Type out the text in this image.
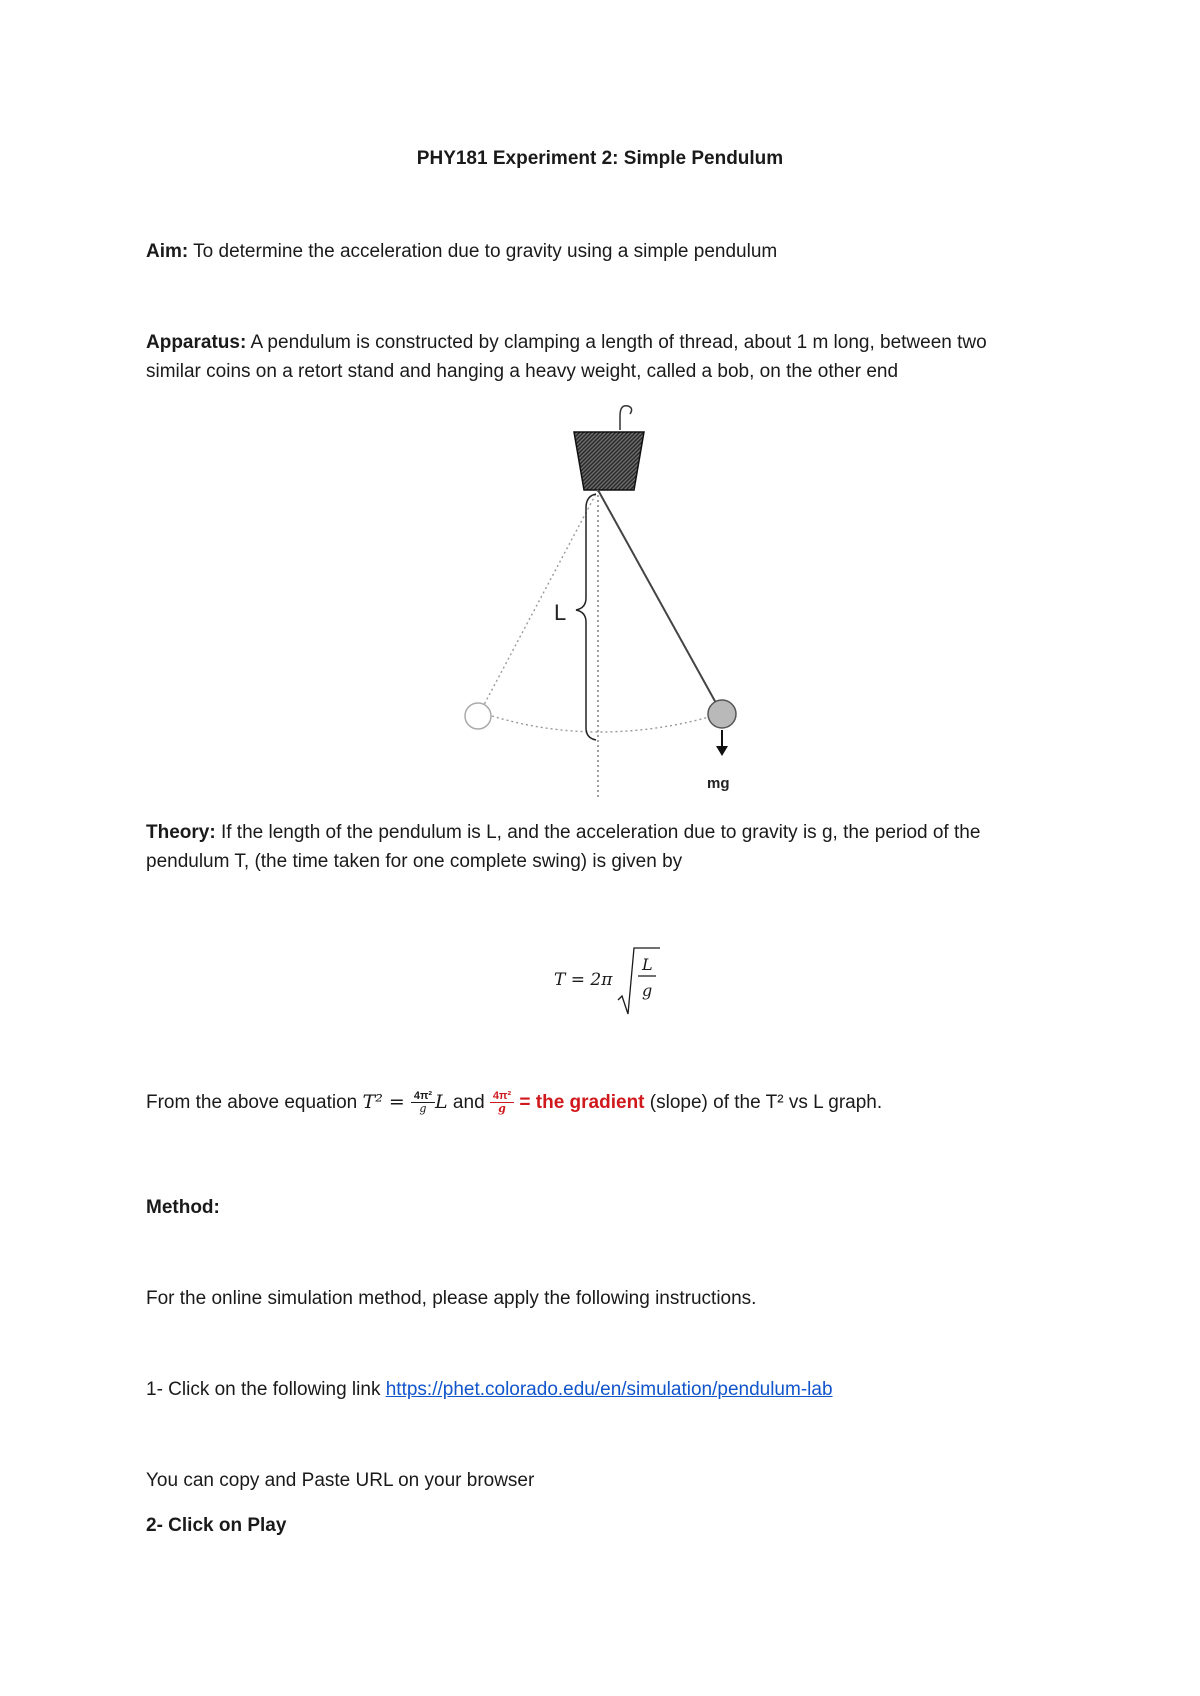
PHY181 Experiment 2: Simple Pendulum
Aim: To determine the acceleration due to gravity using a simple pendulum
Apparatus: A pendulum is constructed by clamping a length of thread, about 1 m long, between two
similar coins on a retort stand and hanging a heavy weight, called a bob, on the other end
L
mg
Theory: If the length of the pendulum is L, and the acceleration due to gravity is g, the period of the
pendulum T, (the time taken for one complete swing) is given by
T = 2π
L
g
From the above equation $T^2 = \frac{\text{4π²}}{g}$ L and $\frac{\text{4π²}}{g}$ = the gradient (slope) of the T² vs L graph.
Method:
For the online simulation method, please apply the following instructions.
1- Click on the following link https://phet.colorado.edu/en/simulation/pendulum-lab
You can copy and Paste URL on your browser
2- Click on Play
